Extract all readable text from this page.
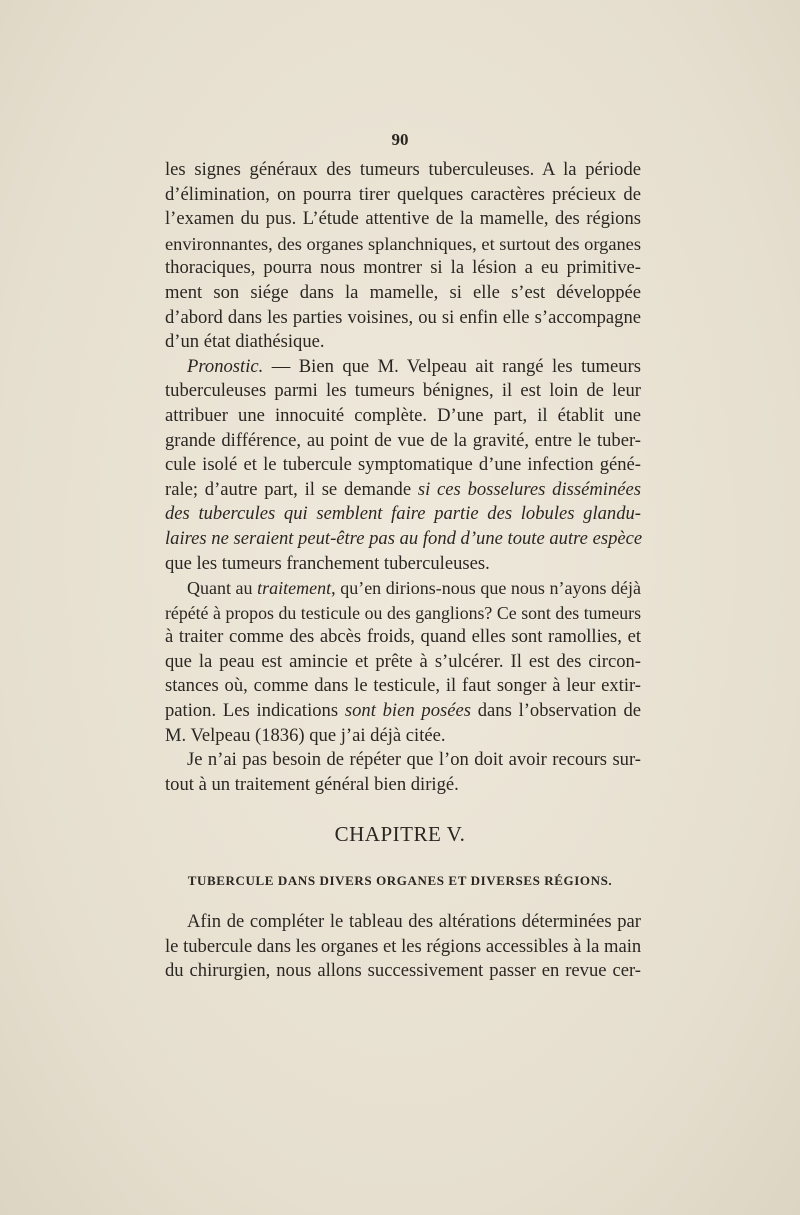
90
les signes généraux des tumeurs tuberculeuses. A la période
d’élimination, on pourra tirer quelques caractères précieux de
l’examen du pus. L’étude attentive de la mamelle, des régions
environnantes, des organes splanchniques, et surtout des organes
thoraciques, pourra nous montrer si la lésion a eu primitive-
ment son siége dans la mamelle, si elle s’est développée
d’abord dans les parties voisines, ou si enfin elle s’accompagne
d’un état diathésique.
Pronostic. — Bien que M. Velpeau ait rangé les tumeurs
tuberculeuses parmi les tumeurs bénignes, il est loin de leur
attribuer une innocuité complète. D’une part, il établit une
grande différence, au point de vue de la gravité, entre le tuber-
cule isolé et le tubercule symptomatique d’une infection géné-
rale; d’autre part, il se demande si ces bosselures disséminées
des tubercules qui semblent faire partie des lobules glandu-
laires ne seraient peut-être pas au fond d’une toute autre espèce
que les tumeurs franchement tuberculeuses.
Quant au traitement, qu’en dirions-nous que nous n’ayons déjà
répété à propos du testicule ou des ganglions? Ce sont des tumeurs
à traiter comme des abcès froids, quand elles sont ramollies, et
que la peau est amincie et prête à s’ulcérer. Il est des circon-
stances où, comme dans le testicule, il faut songer à leur extir-
pation. Les indications sont bien posées dans l’observation de
M. Velpeau (1836) que j’ai déjà citée.
Je n’ai pas besoin de répéter que l’on doit avoir recours sur-
tout à un traitement général bien dirigé.
CHAPITRE V.
TUBERCULE DANS DIVERS ORGANES ET DIVERSES RÉGIONS.
Afin de compléter le tableau des altérations déterminées par
le tubercule dans les organes et les régions accessibles à la main
du chirurgien, nous allons successivement passer en revue cer-
